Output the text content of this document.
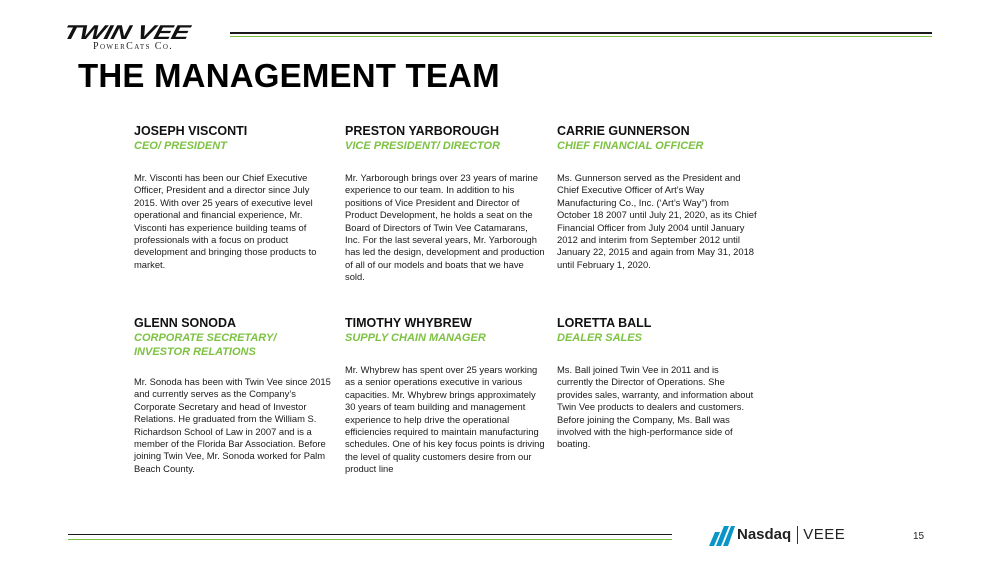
TWIN VEE
PowerCats Co.
THE MANAGEMENT TEAM

JOSEPH VISCONTI

CEO/ PRESIDENT

Mr. Visconti has been our Chief Executive Officer, President and a director since July 2015. With over 25 years of executive level operational and financial experience, Mr. Visconti has experience building teams of professionals with a focus on product development and bringing those products to market.

PRESTON YARBOROUGH

VICE PRESIDENT/ DIRECTOR

Mr. Yarborough brings over 23 years of marine experience to our team. In addition to his positions of Vice President and Director of Product Development, he holds a seat on the Board of Directors of Twin Vee Catamarans, Inc. For the last several years, Mr. Yarborough has led the design, development and production of all of our models and boats that we have sold.

CARRIE GUNNERSON

CHIEF FINANCIAL OFFICER

Ms. Gunnerson served as the President and Chief Executive Officer of Art’s Way Manufacturing Co., Inc. (‘Art’s Way”) from October 18 2007 until July 21, 2020, as its Chief Financial Officer from July 2004 until January 2012 and interim from September 2012 until January 22, 2015 and again from May 31, 2018 until February 1, 2020.

GLENN SONODA

CORPORATE SECRETARY/
INVESTOR RELATIONS

Mr. Sonoda has been with Twin Vee since 2015 and currently serves as the Company’s Corporate Secretary and head of Investor Relations. He graduated from the William S. Richardson School of Law in 2007 and is a member of the Florida Bar Association. Before joining Twin Vee, Mr. Sonoda worked for Palm Beach County.

TIMOTHY WHYBREW

SUPPLY CHAIN MANAGER

Mr. Whybrew has spent over 25 years working as a senior operations executive in various capacities. Mr. Whybrew brings approximately 30 years of team building and management experience to help drive the operational efficiencies required to maintain manufacturing schedules. One of his key focus points is driving the level of quality customers desire from our product line

LORETTA BALL

DEALER SALES

Ms. Ball joined Twin Vee in 2011 and is currently the Director of Operations. She provides sales, warranty, and information about Twin Vee products to dealers and customers. Before joining the Company, Ms. Ball was involved with the high-performance side of boating.

Nasdaq VEEE	15
